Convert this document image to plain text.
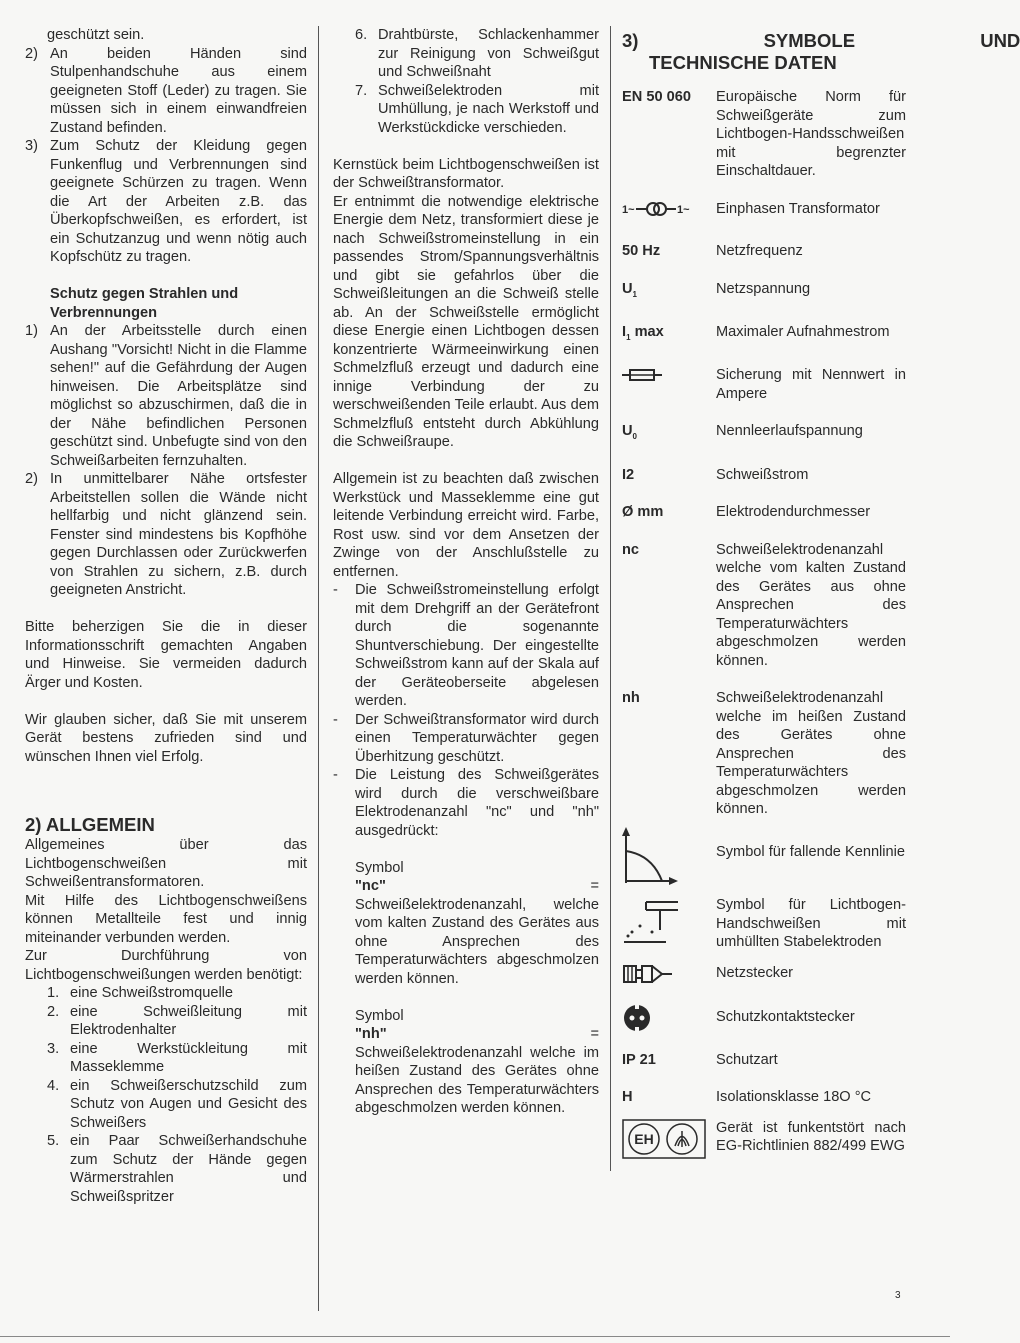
geschützt sein.

2) An beiden Händen sind Stulpenhandschuhe aus einem geeigneten Stoff (Leder) zu tragen. Sie müssen sich in einem einwandfreien Zustand befinden.
3) Zum Schutz der Kleidung gegen Funkenflug und Verbrennungen sind geeignete Schürzen zu tragen. Wenn die Art der Arbeiten z.B. das Überkopfschweißen, es erfordert, ist ein Schutzanzug und wenn nötig auch Kopfschütz zu tragen.
Schutz gegen Strahlen und Verbrennungen
1) An der Arbeitsstelle durch einen Aushang "Vorsicht! Nicht in die Flamme sehen!" auf die Gefährdung der Augen hinweisen. Die Arbeitsplätze sind möglichst so abzuschirmen, daß die in der Nähe befindlichen Personen geschützt sind. Unbefugte sind von den Schweißarbeiten fernzuhalten.
2) In unmittelbarer Nähe ortsfester Arbeitstellen sollen die Wände nicht hellfarbig und nicht glänzend sein. Fenster sind mindestens bis Kopfhöhe gegen Durchlassen oder Zurückwerfen von Strahlen zu sichern, z.B. durch geeigneten Anstricht.

Bitte beherzigen Sie die in dieser Informationsschrift gemachten Angaben und Hinweise. Sie vermeiden dadurch Ärger und Kosten.

Wir glauben sicher, daß Sie mit unserem Gerät bestens zufrieden sind und wünschen Ihnen viel Erfolg.

2) ALLGEMEIN

Allgemeines über das Lichtbogenschweißen mit Schweißentransformatoren.

Mit Hilfe des Lichtbogenschweißens können Metallteile fest und innig miteinander verbunden werden.

Zur Durchführung von Lichtbogenschweißungen werden benötigt:

1. eine Schweißstromquelle
2. eine Schweißleitung mit Elektrodenhalter
3. eine Werkstückleitung mit Masseklemme
4. ein Schweißerschutzschild zum Schutz von Augen und Gesicht des Schweißers
5. ein Paar Schweißerhandschuhe zum Schutz der Hände gegen Wärmerstrahlen und Schweißspritzer
6. Drahtbürste, Schlackenhammer zur Reinigung von Schweißgut und Schweißnaht
7. Schweißelektroden mit Umhüllung, je nach Werkstoff und Werkstückdicke verschieden.

Kernstück beim Lichtbogenschweißen ist der Schweißtransformator.

Er entnimmt die notwendige elektrische Energie dem Netz, transformiert diese je nach Schweißstromeinstellung in ein passendes Strom/Spannungsverhältnis und gibt sie gefahrlos über die Schweißleitungen an die Schweiß stelle ab. An der Schweißstelle ermöglicht diese Energie einen Lichtbogen dessen konzentrierte Wärmeeinwirkung einen Schmelzfluß erzeugt und dadurch eine innige Verbindung der zu werschweißenden Teile erlaubt. Aus dem Schmelzfluß entsteht durch Abkühlung die Schweißraupe.

Allgemein ist zu beachten daß zwischen Werkstück und Masseklemme eine gut leitende Verbindung erreicht wird. Farbe, Rost usw. sind vor dem Ansetzen der Zwinge von der Anschlußstelle zu entfernen.

-	Die Schweißstromeinstellung erfolgt mit dem Drehgriff an der Gerätefront durch die sogenannte Shuntverschiebung. Der eingestellte Schweißstrom kann auf der Skala auf der Geräteoberseite abgelesen werden.
-	Der Schweißtransformator wird durch einen Temperaturwächter gegen Überhitzung geschützt.
-	Die Leistung des Schweißgerätes wird durch die verschweißbare Elektrodenanzahl "nc" und "nh" ausgedrückt:
Symbol
"nc"	=

Schweißelektrodenanzahl, welche vom kalten Zustand des Gerätes aus ohne Ansprechen des Temperaturwächters abgeschmolzen werden können.

Symbol
"nh"	=

Schweißelektrodenanzahl welche im heißen Zustand des Gerätes ohne Ansprechen des Temperaturwächters abgeschmolzen werden können.

3) SYMBOLE UND
TECHNISCHE DATEN
EN 50 060	Europäische Norm für Schweißgeräte zum Lichtbogen-Handsschweißen mit begrenzter Einschaltdauer.
1~	1~ Einphasen Transformator
50 Hz	Netzfrequenz
$U_1$	Netzspannung
$I_1$ max	Maximaler Aufnahmestrom
Sicherung mit Nennwert in Ampere
$U_0$	Nennleerlaufspannung
I2	Schweißstrom
Ø mm	Elektrodendurchmesser
nc	Schweißelektrodenanzahl welche vom kalten Zustand des Gerätes aus ohne Ansprechen des Temperaturwächters abgeschmolzen werden können.
nh	Schweißelektrodenanzahl welche im heißen Zustand des Gerätes ohne Ansprechen des Temperaturwächters abgeschmolzen werden können.
Symbol für fallende Kennlinie
Symbol für Lichtbogen-Handschweißen mit umhüllten Stabelektroden
Netzstecker
Schutzkontaktstecker
IP 21	Schutzart
H	Isolationsklasse 18O °C
EH
Gerät ist funkentstört nach EG-Richtlinien 882/499 EWG
3
